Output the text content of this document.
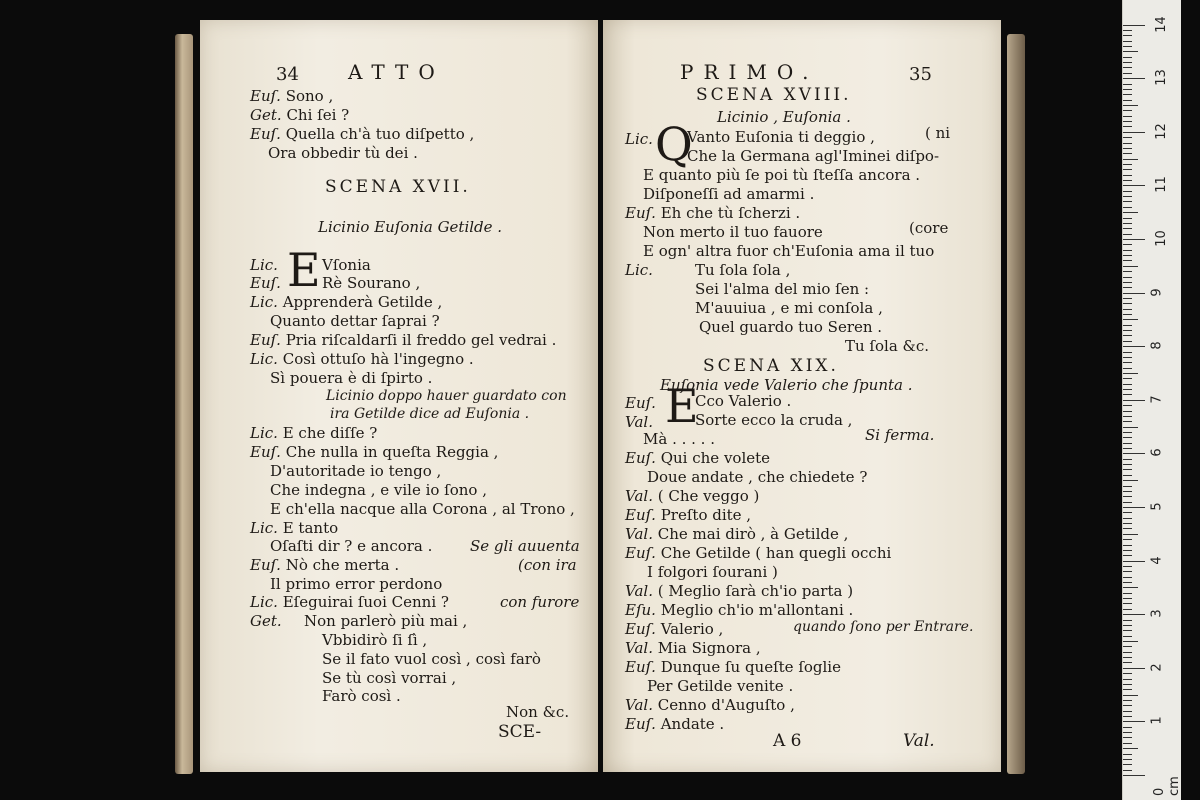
34 ATTO
Euſ. Sono ,
Get. Chi ſei ?
Euſ. Quella ch'à tuo diſpetto ,
Ora obbedir tù dei .
SCENA XVII.
Licinio Euſonia Getilde .
E
Lic.	Vſonia
Euſ.	Rè Sourano ,
Lic. Apprenderà Getilde ,
Quanto dettar ſaprai ?
Euſ. Pria riſcaldarſi il freddo gel vedrai .
Lic. Così ottuſo hà l'ingegno .
Sì pouera è di ſpirto .
Licinio doppo hauer guardato con
ira Getilde dice ad Euſonia .
Lic. E che diſſe ?
Euſ. Che nulla in queſta Reggia ,
D'autoritade io tengo ,
Che indegna , e vile io ſono ,
E ch'ella nacque alla Corona , al Trono ,
Lic. E tanto
Oſaſti dir ? e ancora .	Se gli auuenta
Euſ. Nò che merta .	(con ira
Il primo error perdono
Lic. Eſeguirai ſuoi Cenni ?	con furore
Get. Non parlerò più mai ,
Vbbidirò ſi ſì ,
Se il fato vuol così , così farò
Se tù così vorrai ,
Farò così .
Non &c.
SCE-
PRIMO.	35
SCENA XVIII.
Licinio , Euſonia .
Q
Lic. Vanto Euſonia ti deggio ,	( ni
Che la Germana agl'Iminei diſpo-
E quanto più ſe poi tù ſteſſa ancora .
Diſponeſſi ad amarmi .
Euſ. Eh che tù ſcherzi .
Non merto il tuo fauore	(core
E ogn' altra fuor ch'Euſonia ama il tuo
Lic.	Tu ſola ſola ,
Sei l'alma del mio ſen :
M'auuiua , e mi conſola ,
Quel guardo tuo Seren .
Tu ſola &c.
SCENA XIX.
Euſonia vede Valerio che ſpunta .
E
Euſ.	Cco Valerio .
Val.	Sorte ecco la cruda ,
Mà . . . . .	Si ferma.
Euſ. Qui che volete
Doue andate , che chiedete ?
Val. ( Che veggo )
Euſ. Preſto dite ,
Val. Che mai dirò , à Getilde ,
Euſ. Che Getilde ( han quegli occhi
I folgori ſourani )
Val. ( Meglio ſarà ch'io parta )
Eſu. Meglio ch'io m'allontani .
Euſ. Valerio ,	quando ſono per Entrare.
Val. Mia Signora ,
Euſ. Dunque ſu queſte ſoglie
Per Getilde venite .
Val. Cenno d'Auguſto ,
Euſ. Andate .
A 6	Val.
0 cm
1
2
3
4
5
6
7
8
9
10
11
12
13
14
